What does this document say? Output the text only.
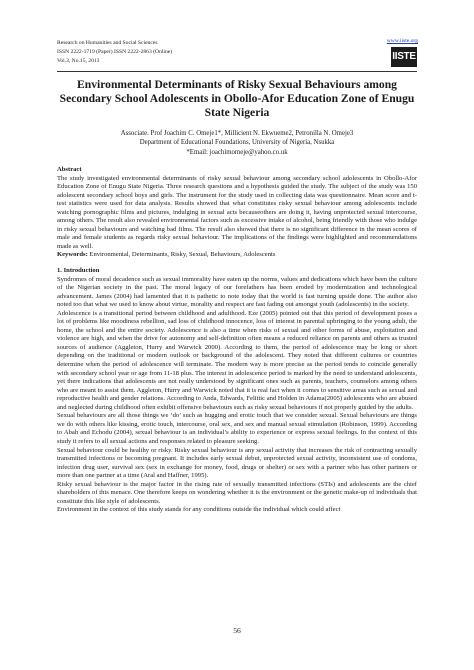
Research on Humanities and Social Sciences
ISSN 2222-1719 (Paper) ISSN 2222-2863 (Online)
Vol.3, No.15, 2013
www.iiste.org
IISTE
Environmental Determinants of Risky Sexual Behaviours among Secondary School Adolescents in Obollo-Afor Education Zone of Enugu State Nigeria
Associate. Prof Joachim C. Omeje1*, Millicient N. Ekwueme2, Petronilla N. Omeje3
Department of Educational Foundations, University of Nigeria, Nsukka
*Email: joachimomeje@yahoo.co.uk

Abstract

The study investigated environmental determinants of risky sexual behaviour among secondary school adolescents in Obollo-Afor Education Zone of Enugu State Nigeria. Three research questions and a hypothesis guided the study. The subject of the study was 150 adolescent secondary school boys and girls. The instrument for the study used in collecting data was questionnaire. Mean score and t-test statistics were used for data analysis. Results showed that what constitutes risky sexual behaviour among adolescents include watching pornographic films and pictures, indulging in sexual acts becauseothers are doing it, having unprotected sexual intercourse, among others. The result also revealed environmental factors such as excessive intake of alcohol, being friendly with those who indulge in risky sexual behaviours and watching bad films. The result also showed that there is no significant difference in the mean scores of male and female students as regards risky sexual behaviour. The implications of the findings were highlighted and recommendations made as well.

Keywords: Environmental, Determinants, Risky, Sexual, Behaviours, Adolescents

1. Introduction

Syndromes of moral decadence such as sexual immorality have eaten up the norms, values and dedications which have been the culture of the Nigerian society in the past. The moral legacy of our forefathers has been eroded by modernization and technological advancement. James (2004) had lamented that it is pathetic to note today that the world is fast turning upside done. The author also noted too that what we used to know about virtue, morality and respect are fast fading out amongst youth (adolescents) in the society.

Adolescence is a transitional period between childhood and adulthood. Eze (2005) pointed out that this period of development poses a lot of problems like moodiness rebellion, sad loss of childhood innocence, loss of interest in parental upbringing to the young adult, the home, the school and the entire society. Adolescence is also a time when risks of sexual and other forms of abuse, exploitation and violence are high, and when the drive for autonomy and self-definition often means a reduced reliance on parents and others as trusted sources of audience (Aggleton, Hurry and Warwick 2000). According to them, the period of adolescence may be long or short depending on the traditional or modern outlook or background of the adolescent. They noted that different cultures or countries determine when the period of adolescence will terminate. The modern way is more precise as the period tends to coincide generally with secondary school year or age from 11-18 plus. The interest in adolescence period is marked by the need to understand adolescents, yet there indications that adolescents are not really understood by significant ones such as parents, teachers, counselors among others who are meant to assist them. Aggleton, Hurry and Warwick noted that it is real fact when it comes to sensitive areas such as sexual and reproductive health and gender relations. According to Anda, Edwards, Felittic and Holden in Adama(2005) adolescents who are abused and neglected during childhood often exhibit offensive behaviours such as risky sexual behaviours if not properly guided by the adults.

Sexual behaviours are all those things we ‘do’ such as hugging and erotic touch that we consider sexual. Sexual behaviours are things we do with others like kissing, erotic touch, intercourse, oral sex, and sex and manual sexual stimulation (Robinson, 1999). According to Abah and Echodu (2004), sexual behaviour is an individual’s ability to experience or express sexual feelings. In the context of this study it refers to all sexual actions and responses related to pleasure seeking.

Sexual behaviour could be healthy or risky. Risky sexual behaviour is any sexual activity that increases the risk of contracting sexually transmitted infections or becoming pregnant. It includes early sexual debut, unprotected sexual activity, inconsistent use of condoms, infection drug user, survival sex (sex in exchange for money, food, drugs or shelter) or sex with a partner who has other partners or more than one partner at a time (Aral and Haffner, 1995).

Risky sexual behaviour is the major factor in the rising rate of sexually transmitted infections (STIs) and adolescents are the chief shareholders of this menace. One therefore keeps on wondering whether it is the environment or the genetic make-up of individuals that constitute this like style of adolescents.

Environment in the context of this study stands for any conditions outside the individual which could affect

56
